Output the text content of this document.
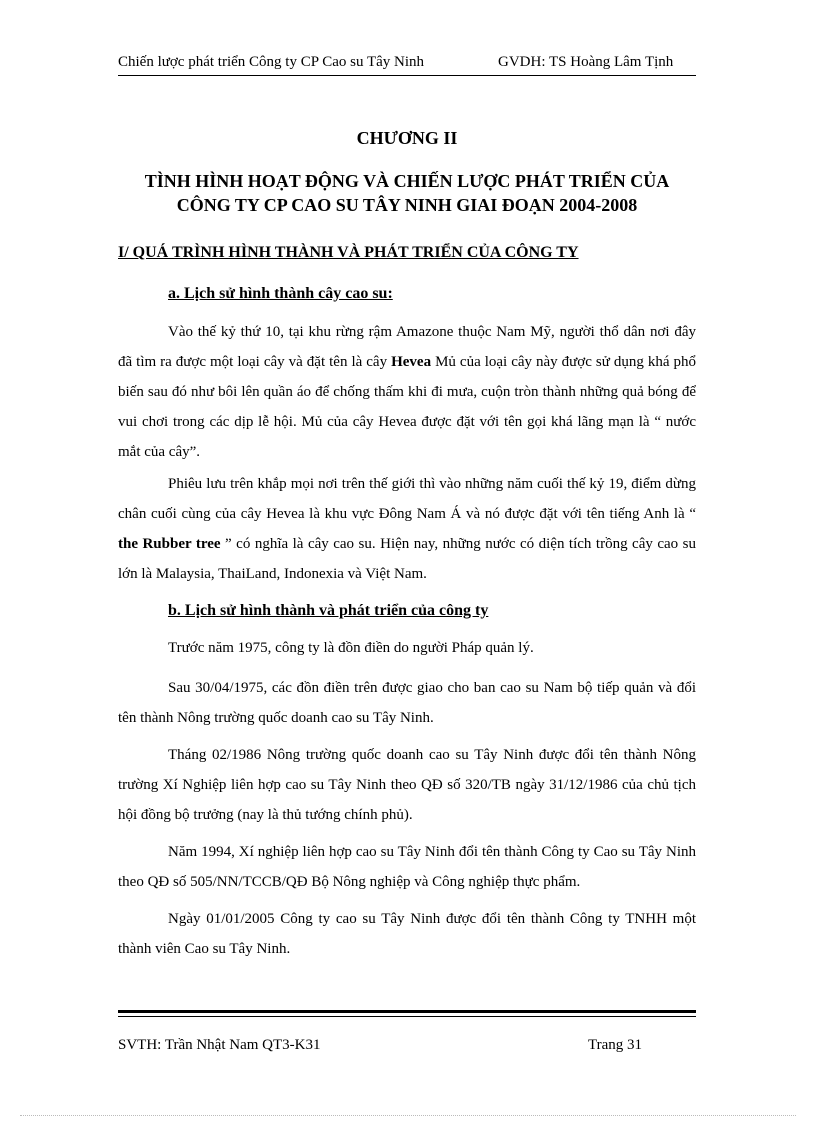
Chiến lược phát triển Công ty CP Cao su Tây Ninh	GVDH: TS Hoàng Lâm Tịnh
CHƯƠNG II
TÌNH HÌNH HOẠT ĐỘNG VÀ CHIẾN LƯỢC PHÁT TRIỂN CỦA
CÔNG TY CP CAO SU TÂY NINH GIAI ĐOẠN 2004-2008
I/ QUÁ TRÌNH HÌNH THÀNH VÀ PHÁT TRIỂN CỦA CÔNG TY
a. Lịch sử hình thành cây cao su:

Vào thế kỷ thứ 10, tại khu rừng rậm Amazone thuộc Nam Mỹ, người thổ dân nơi đây đã tìm ra được một loại cây và đặt tên là cây Hevea Mủ của loại cây này được sử dụng khá phổ biến sau đó như bôi lên quần áo để chống thấm khi đi mưa, cuộn tròn thành những quả bóng để vui chơi trong các dịp lễ hội. Mủ của cây Hevea được đặt với tên gọi khá lãng mạn là “ nước mắt của cây”.

Phiêu lưu trên khắp mọi nơi trên thế giới thì vào những năm cuối thế kỷ 19, điểm dừng chân cuối cùng của cây Hevea là khu vực Đông Nam Á và nó được đặt với tên tiếng Anh là “ the Rubber tree ” có nghĩa là cây cao su. Hiện nay, những nước có diện tích trồng cây cao su lớn là Malaysia, ThaiLand, Indonexia và Việt Nam.

b. Lịch sử hình thành và phát triển của công ty

Trước năm 1975, công ty là đồn điền do người Pháp quản lý.

Sau 30/04/1975, các đồn điền trên được giao cho ban cao su Nam bộ tiếp quản và đổi tên thành Nông trường quốc doanh cao su Tây Ninh.

Tháng 02/1986 Nông trường quốc doanh cao su Tây Ninh được đổi tên thành Nông trường Xí Nghiệp liên hợp cao su Tây Ninh theo QĐ số 320/TB ngày 31/12/1986 của chủ tịch hội đồng bộ trưởng (nay là thủ tướng chính phủ).

Năm 1994, Xí nghiệp liên hợp cao su Tây Ninh đổi tên thành Công ty Cao su Tây Ninh theo QĐ số 505/NN/TCCB/QĐ Bộ Nông nghiệp và Công nghiệp thực phẩm.

Ngày 01/01/2005 Công ty cao su Tây Ninh được đổi tên thành Công ty TNHH một thành viên Cao su Tây Ninh.

SVTH: Trần Nhật Nam QT3-K31	Trang 31
